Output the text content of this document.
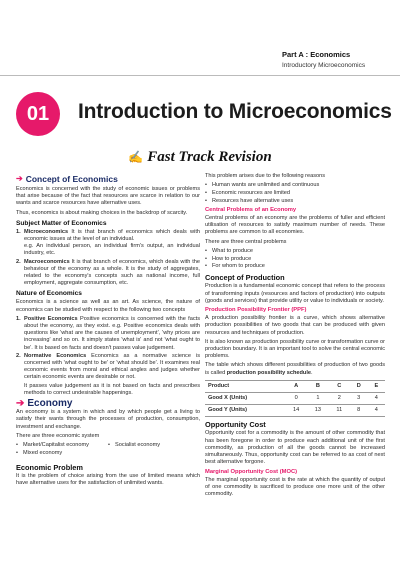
Part A : Economics
Introductory Microeconomics
01	Introduction to Microeconomics
✍ Fast Track Revision
➔ Concept of Economics

Economics is concerned with the study of economic issues or problems that arise because of the fact that resources are scarce in relation to our wants and scarce resources have alternative uses.

Thus, economics is about making choices in the backdrop of scarcity.

Subject Matter of Economics
1. Microeconomics It is that branch of economics which deals with economic issues at the level of an individual.
e.g. An individual person, an individual firm's output, an individual industry, etc.
2. Macroeconomics It is that branch of economics, which deals with the behaviour of the economy as a whole. It is the study of aggregates, related to the economy's concepts such as national income, full employment, aggregate consumption, etc.
Nature of Economics

Economics is a science as well as an art. As science, the nature of economics can be studied with respect to the following two concepts

1. Positive Economics Positive economics is concerned with the facts about the economy, as they exist. e.g. Positive economics deals with questions like 'what are the causes of unemployment', 'why prices are increasing' and so on. It simply states 'what is' and not 'what ought to be'. It is based on facts and doesn't passes value judgement.
2. Normative Economics Economics as a normative science is concerned with 'what ought to be' or 'what should be'. It examines real economic events from moral and ethical angles and judges whether certain economic events are desirable or not.

It passes value judgement as it is not based on facts and prescribes methods to correct undesirable happenings.

➔ Economy

An economy is a system in which and by which people get a living to satisfy their wants through the processes of production, consumption, investment and exchange.

There are three economic system

• Market/Capitalist economy
• Mixed economy
• Socialist economy
Economic Problem

It is the problem of choice arising from the use of limited means which have alternative uses for the satisfaction of unlimited wants.

This problem arises due to the following reasons

• Human wants are unlimited and continuous
• Economic resources are limited
• Resources have alternative uses
Central Problems of an Economy

Central problems of an economy are the problems of fuller and efficient utilisation of resources to satisfy maximum number of needs. These problems are common to all economies.

There are three central problems

• What to produce
• How to produce
• For whom to produce
Concept of Production

Production is a fundamental economic concept that refers to the process of transforming inputs (resources and factors of production) into outputs (goods and services) that provide utility or value to individuals or society.

Production Possibility Frontier (PPF)

A production possibility frontier is a curve, which shows alternative production possibilities of two goods that can be produced with given resources and techniques of production.

It is also known as production possibility curve or transformation curve or production boundary. It is an important tool to solve the central economic problems.

The table which shows different possibilities of production of two goods is called production possibility schedule.

Product	A	B	C	D	E
Good X (Units)	0	1	2	3	4
Good Y (Units)	14	13	11	8	4
Opportunity Cost

Opportunity cost for a commodity is the amount of other commodity that has been foregone in order to produce each additional unit of the first commodity, as production of all the goods cannot be increased simultaneously. Thus, opportunity cost can be referred to as cost of next best alternative forgone.

Marginal Opportunity Cost (MOC)

The marginal opportunity cost is the rate at which the quantity of output of one commodity is sacrificed to produce one more unit of the other commodity.
